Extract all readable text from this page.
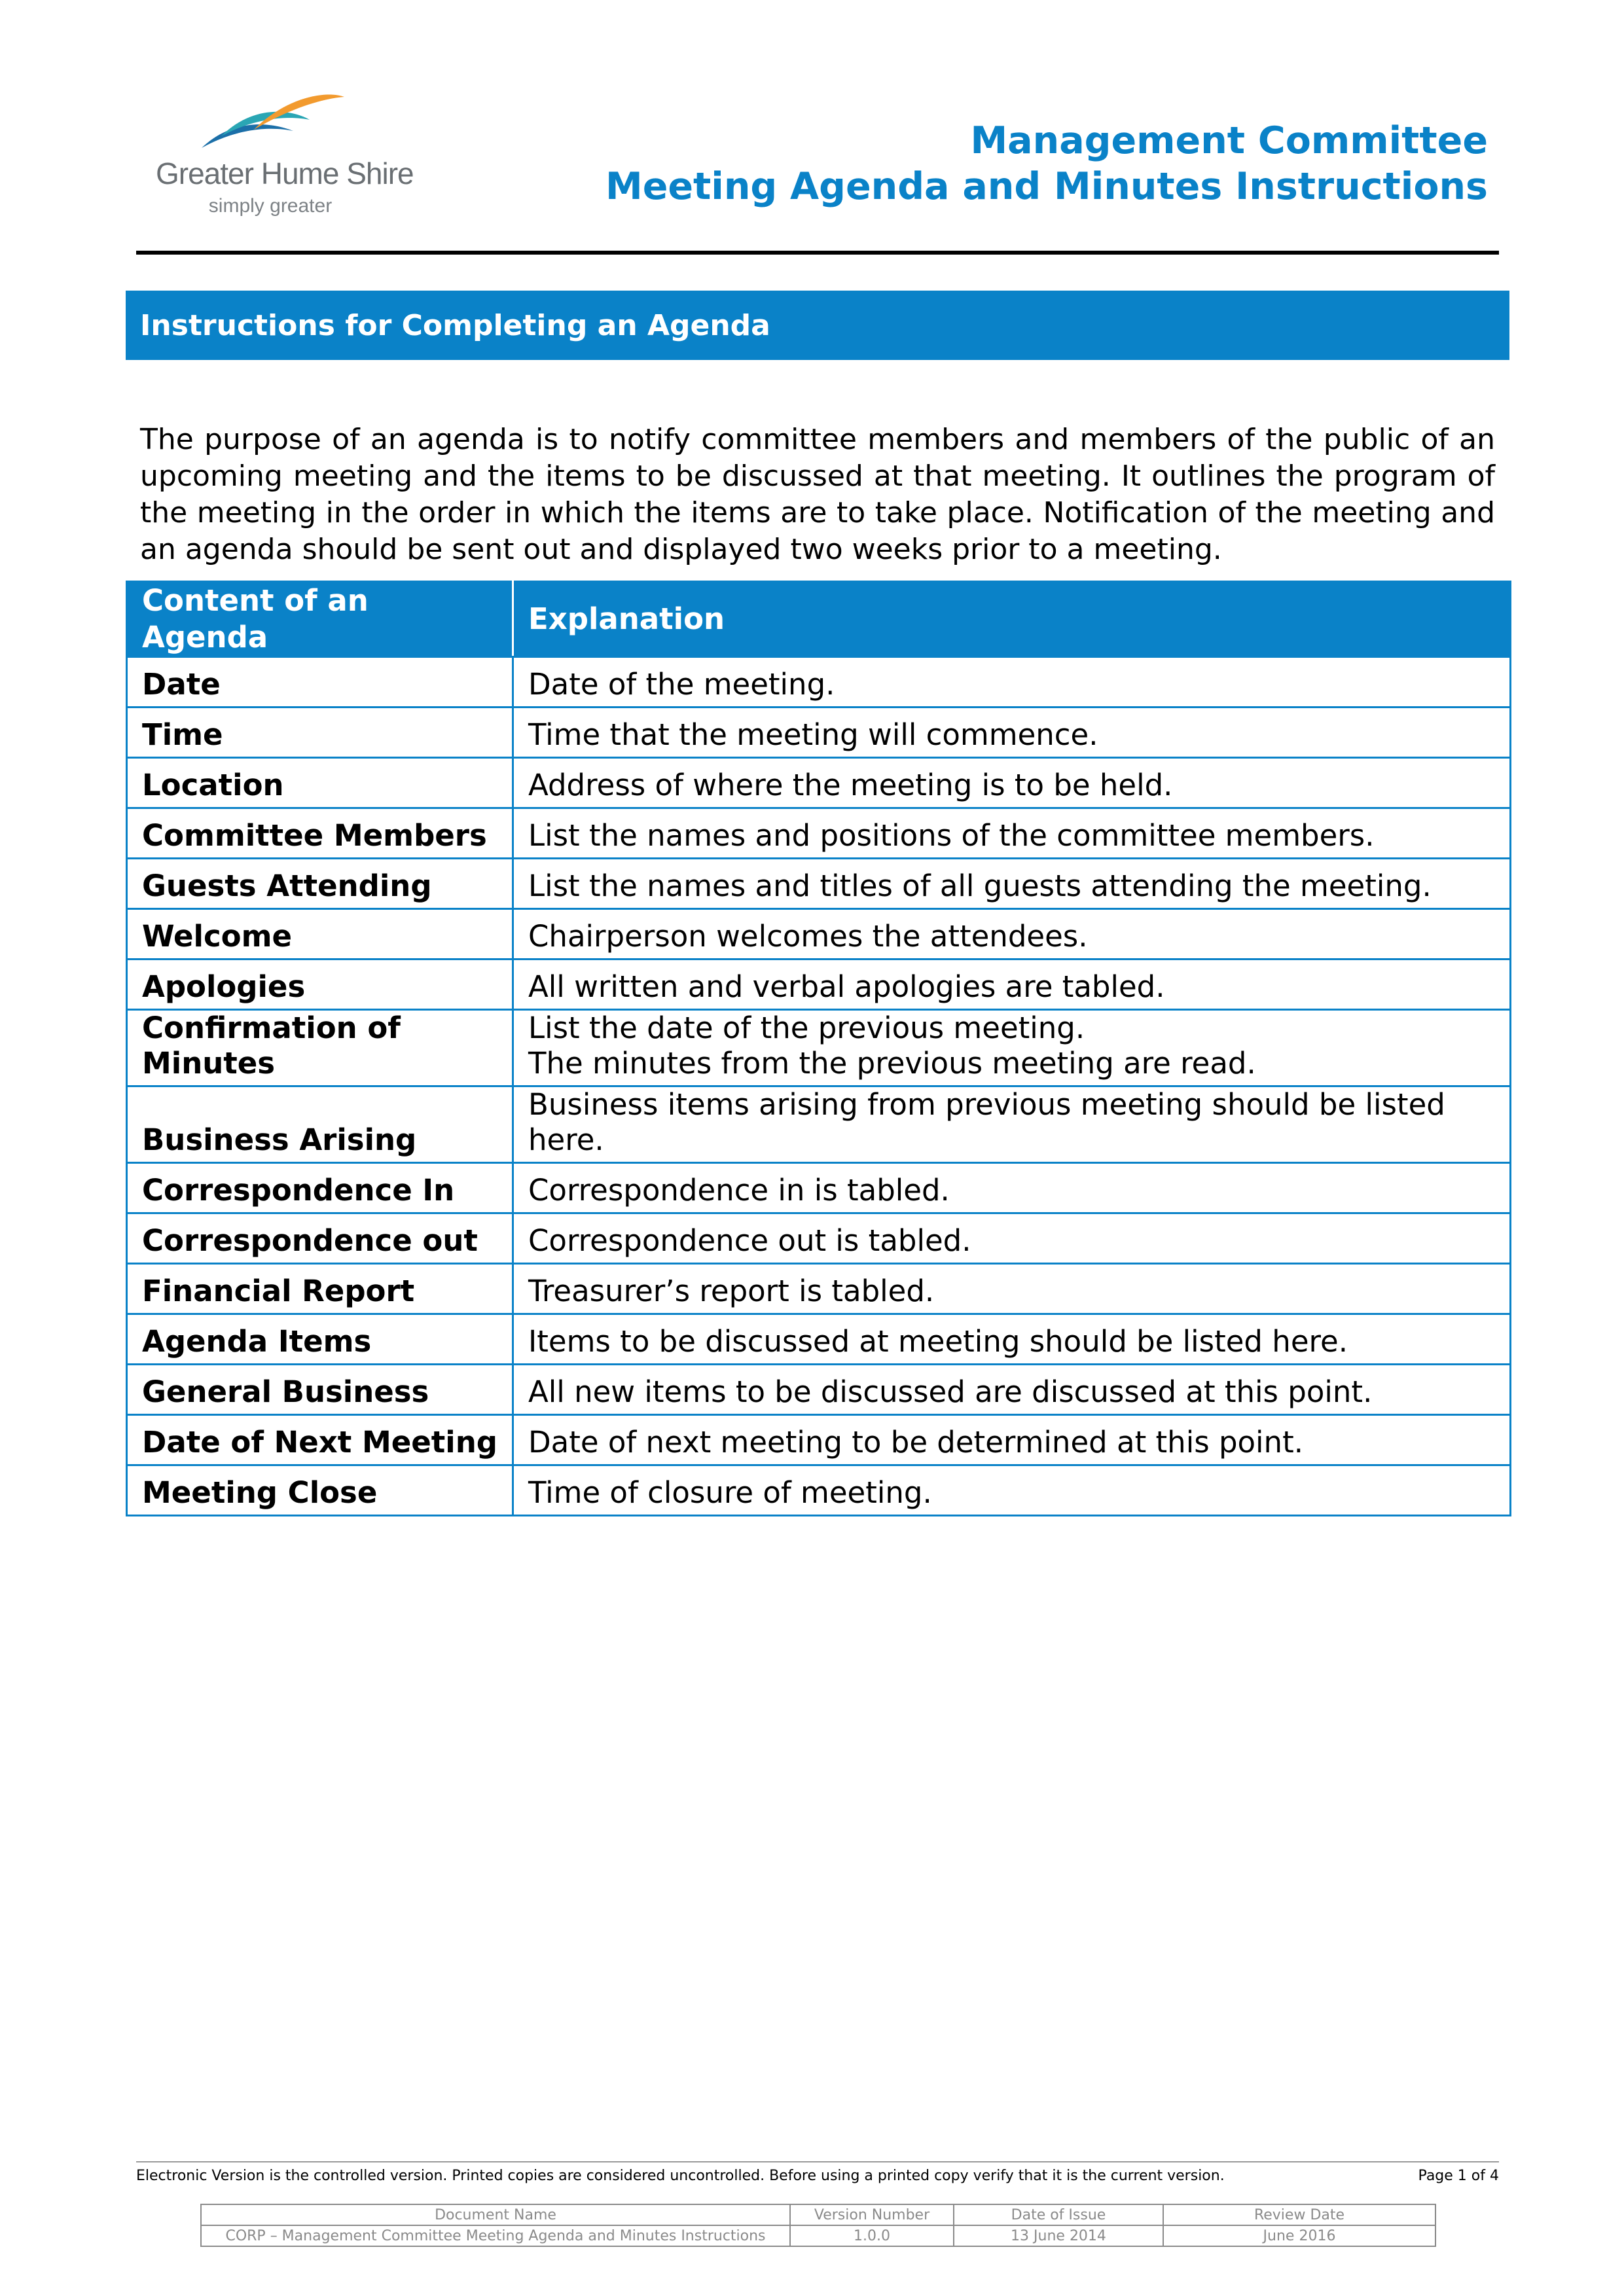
Greater Hume Shire
simply greater
Management Committee
Meeting Agenda and Minutes Instructions
Instructions for Completing an Agenda

The purpose of an agenda is to notify committee members and members of the public of an upcoming meeting and the items to be discussed at that meeting. It outlines the program of the meeting in the order in which the items are to take place. Notification of the meeting and an agenda should be sent out and displayed two weeks prior to a meeting.

Content of an Agenda	Explanation
Date	Date of the meeting.
Time	Time that the meeting will commence.
Location	Address of where the meeting is to be held.
Committee Members	List the names and positions of the committee members.
Guests Attending	List the names and titles of all guests attending the meeting.
Welcome	Chairperson welcomes the attendees.
Apologies	All written and verbal apologies are tabled.
Confirmation of Minutes	List the date of the previous meeting.
The minutes from the previous meeting are read.
Business Arising	Business items arising from previous meeting should be listed here.
Correspondence In	Correspondence in is tabled.
Correspondence out	Correspondence out is tabled.
Financial Report	Treasurer’s report is tabled.
Agenda Items	Items to be discussed at meeting should be listed here.
General Business	All new items to be discussed are discussed at this point.
Date of Next Meeting	Date of next meeting to be determined at this point.
Meeting Close	Time of closure of meeting.
Electronic Version is the controlled version. Printed copies are considered uncontrolled. Before using a printed copy verify that it is the current version.	Page 1 of 4
Document Name	Version Number	Date of Issue	Review Date
CORP – Management Committee Meeting Agenda and Minutes Instructions	1.0.0	13 June 2014	June 2016
